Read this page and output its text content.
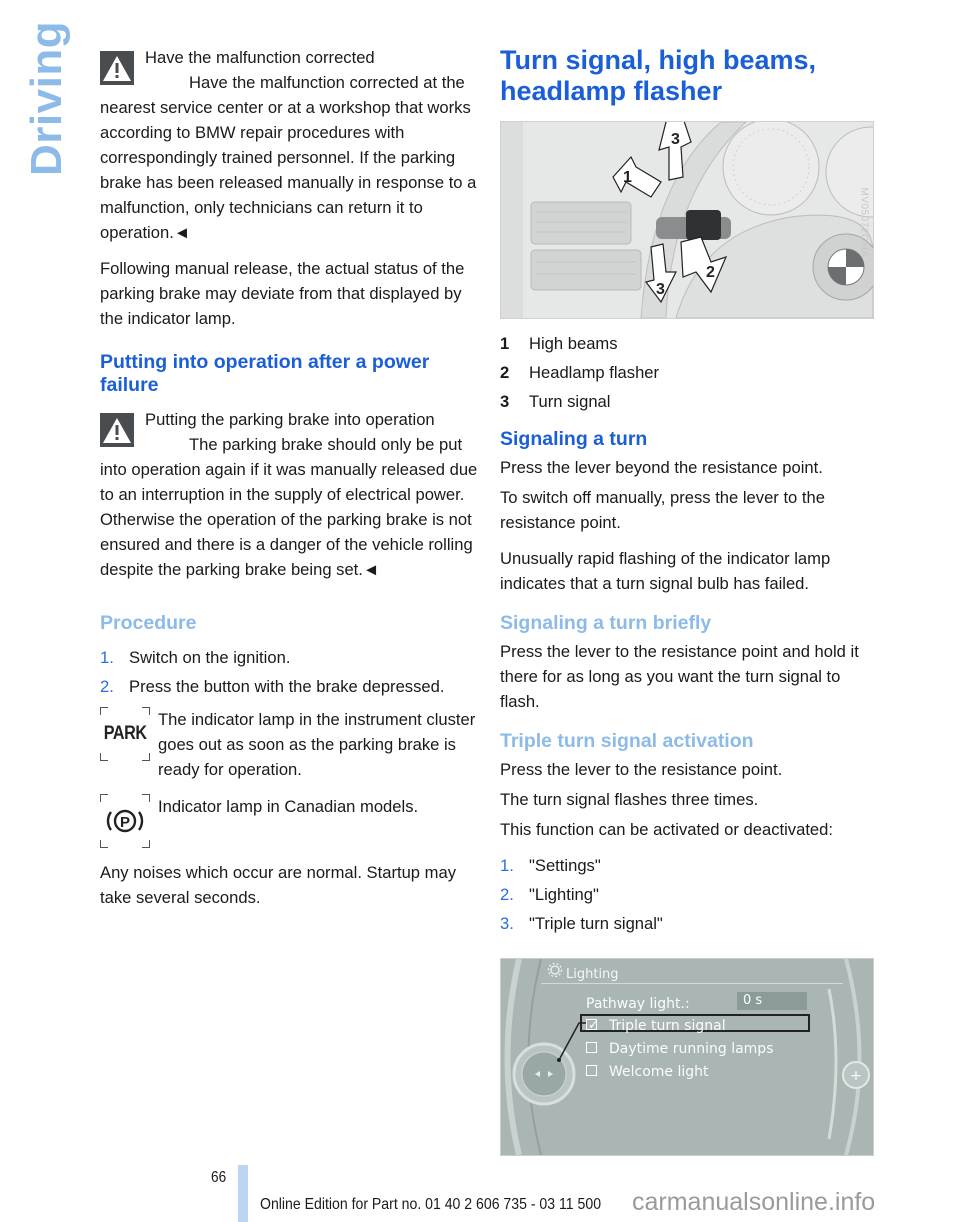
Driving	Have the malfunction corrected

Have the malfunction corrected at the nearest service center or at a workshop that works according to BMW repair procedures with correspondingly trained personnel. If the parking brake has been released manually in response to a malfunction, only technicians can return it to operation.◄

Following manual release, the actual status of the parking brake may deviate from that displayed by the indicator lamp.

Putting into operation after a power failure
Putting the parking brake into operation

The parking brake should only be put into operation again if it was manually released due to an interruption in the supply of electrical power. Otherwise the operation of the parking brake is not ensured and there is a danger of the vehicle rolling despite the parking brake being set.◄

Procedure
1. Switch on the ignition.
2. Press the button with the brake depressed.
PARK
The indicator lamp in the instrument cluster goes out as soon as the parking brake is ready for operation.
P
Indicator lamp in Canadian models.

Any noises which occur are normal. Startup may take several seconds.

Turn signal, high beams, headlamp flasher
1
3
2
3
MV05072CMA
1	High beams
2	Headlamp flasher
3	Turn signal
Signaling a turn

Press the lever beyond the resistance point.

To switch off manually, press the lever to the resistance point.

Unusually rapid flashing of the indicator lamp indicates that a turn signal bulb has failed.

Signaling a turn briefly

Press the lever to the resistance point and hold it there for as long as you want the turn signal to flash.

Triple turn signal activation

Press the lever to the resistance point.

The turn signal flashes three times.

This function can be activated or deactivated:

1. "Settings"
2. "Lighting"
3. "Triple turn signal"
+
Lighting
Pathway light.:	0 s
✓ Triple turn signal
Daytime running lamps
Welcome light
66
Online Edition for Part no. 01 40 2 606 735 - 03 11 500 carmanualsonline.info
